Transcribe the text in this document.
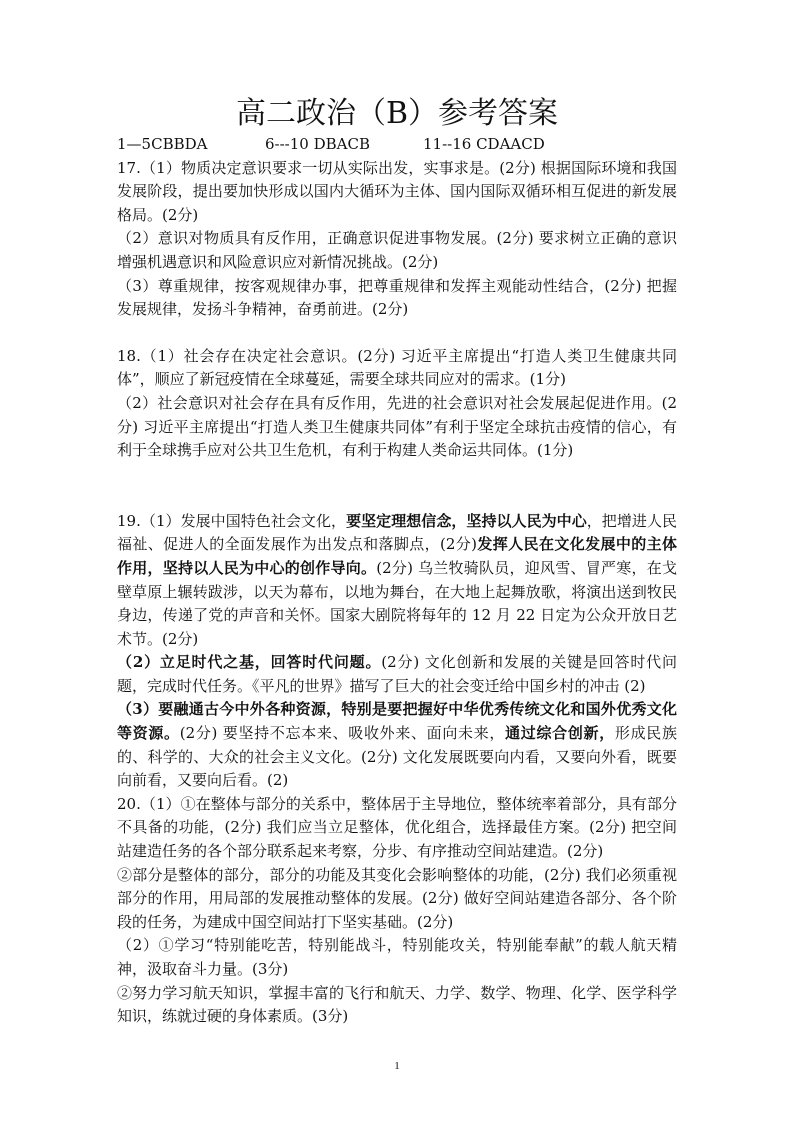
高二政治（B）参考答案

1—5CBBDA	6---10 DBACB	11--16 CDAACD

17.（1）物质决定意识要求一切从实际出发，实事求是。(2分) 根据国际环境和我国发展阶段，提出要加快形成以国内大循环为主体、国内国际双循环相互促进的新发展格局。(2分)

（2）意识对物质具有反作用，正确意识促进事物发展。(2分) 要求树立正确的意识增强机遇意识和风险意识应对新情况挑战。(2分)

（3）尊重规律，按客观规律办事，把尊重规律和发挥主观能动性结合，(2分) 把握发展规律，发扬斗争精神，奋勇前进。(2分)

18.（1）社会存在决定社会意识。(2分) 习近平主席提出“打造人类卫生健康共同体”，顺应了新冠疫情在全球蔓延，需要全球共同应对的需求。(1分)

（2）社会意识对社会存在具有反作用，先进的社会意识对社会发展起促进作用。(2分) 习近平主席提出“打造人类卫生健康共同体”有利于坚定全球抗击疫情的信心，有利于全球携手应对公共卫生危机，有利于构建人类命运共同体。(1分)

19.（1）发展中国特色社会文化，要坚定理想信念，坚持以人民为中心，把增进人民福祉、促进人的全面发展作为出发点和落脚点，(2分)发挥人民在文化发展中的主体作用，坚持以人民为中心的创作导向。(2分) 乌兰牧骑队员，迎风雪、冒严寒，在戈壁草原上辗转跋涉，以天为幕布，以地为舞台，在大地上起舞放歌，将演出送到牧民身边，传递了党的声音和关怀。国家大剧院将每年的 12 月 22 日定为公众开放日艺术节。(2分)

（2）立足时代之基，回答时代问题。(2分) 文化创新和发展的关键是回答时代问题，完成时代任务。《平凡的世界》描写了巨大的社会变迁给中国乡村的冲击 (2)

（3）要融通古今中外各种资源，特别是要把握好中华优秀传统文化和国外优秀文化等资源。(2分) 要坚持不忘本来、吸收外来、面向未来，通过综合创新，形成民族的、科学的、大众的社会主义文化。(2分) 文化发展既要向内看，又要向外看，既要向前看，又要向后看。(2)

20.（1）①在整体与部分的关系中，整体居于主导地位，整体统率着部分，具有部分不具备的功能，(2分) 我们应当立足整体，优化组合，选择最佳方案。(2分) 把空间站建造任务的各个部分联系起来考察，分步、有序推动空间站建造。(2分)

②部分是整体的部分，部分的功能及其变化会影响整体的功能，(2分) 我们必须重视部分的作用，用局部的发展推动整体的发展。(2分) 做好空间站建造各部分、各个阶段的任务，为建成中国空间站打下坚实基础。(2分)

（2）①学习“特别能吃苦，特别能战斗，特别能攻关，特别能奉献”的载人航天精神，汲取奋斗力量。(3分)

②努力学习航天知识，掌握丰富的飞行和航天、力学、数学、物理、化学、医学科学知识，练就过硬的身体素质。(3分)

1
